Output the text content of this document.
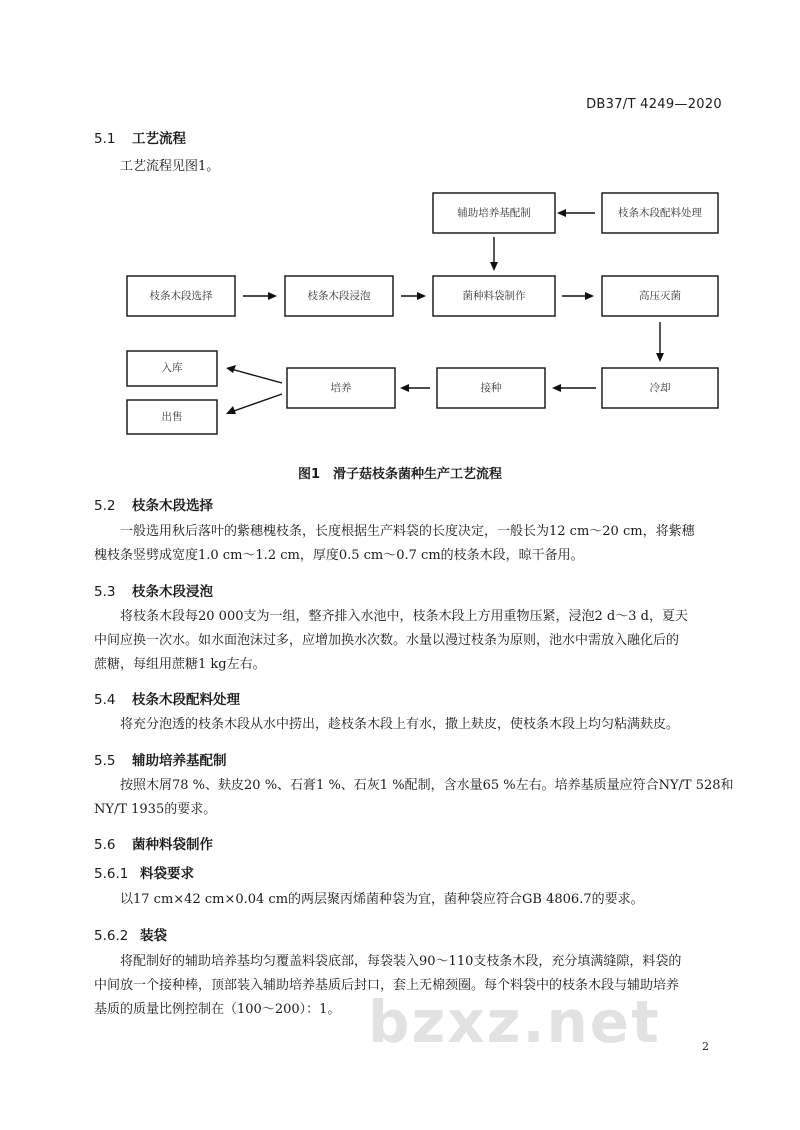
DB37/T 4249—2020
5.1 工艺流程
工艺流程见图1。
辅助培养基配制	枝条木段配料处理
枝条木段选择	枝条木段浸泡	菌种料袋制作	高压灭菌
入库
出售
培养	接种	冷却
图1　滑子菇枝条菌种生产工艺流程
5.2 枝条木段选择
一般选用秋后落叶的紫穗槐枝条，长度根据生产料袋的长度决定，一般长为12 cm～20 cm，将紫穗
槐枝条竖劈成宽度1.0 cm～1.2 cm，厚度0.5 cm～0.7 cm的枝条木段，晾干备用。
5.3 枝条木段浸泡
将枝条木段每20 000支为一组，整齐排入水池中，枝条木段上方用重物压紧，浸泡2 d～3 d，夏天
中间应换一次水。如水面泡沫过多，应增加换水次数。水量以漫过枝条为原则，池水中需放入融化后的
蔗糖，每组用蔗糖1 kg左右。
5.4 枝条木段配料处理
将充分泡透的枝条木段从水中捞出，趁枝条木段上有水，撒上麸皮，使枝条木段上均匀粘满麸皮。
5.5 辅助培养基配制
按照木屑78 %、麸皮20 %、石膏1 %、石灰1 %配制，含水量65 %左右。培养基质量应符合NY/T 528和
NY/T 1935的要求。
5.6 菌种料袋制作
5.6.1 料袋要求
以17 cm×42 cm×0.04 cm的两层聚丙烯菌种袋为宜，菌种袋应符合GB 4806.7的要求。
5.6.2 装袋
将配制好的辅助培养基均匀覆盖料袋底部，每袋装入90～110支枝条木段，充分填满缝隙，料袋的
中间放一个接种棒，顶部装入辅助培养基质后封口，套上无棉颈圈。每个料袋中的枝条木段与辅助培养
基质的质量比例控制在（100～200）：1。 bzxz.net	2
